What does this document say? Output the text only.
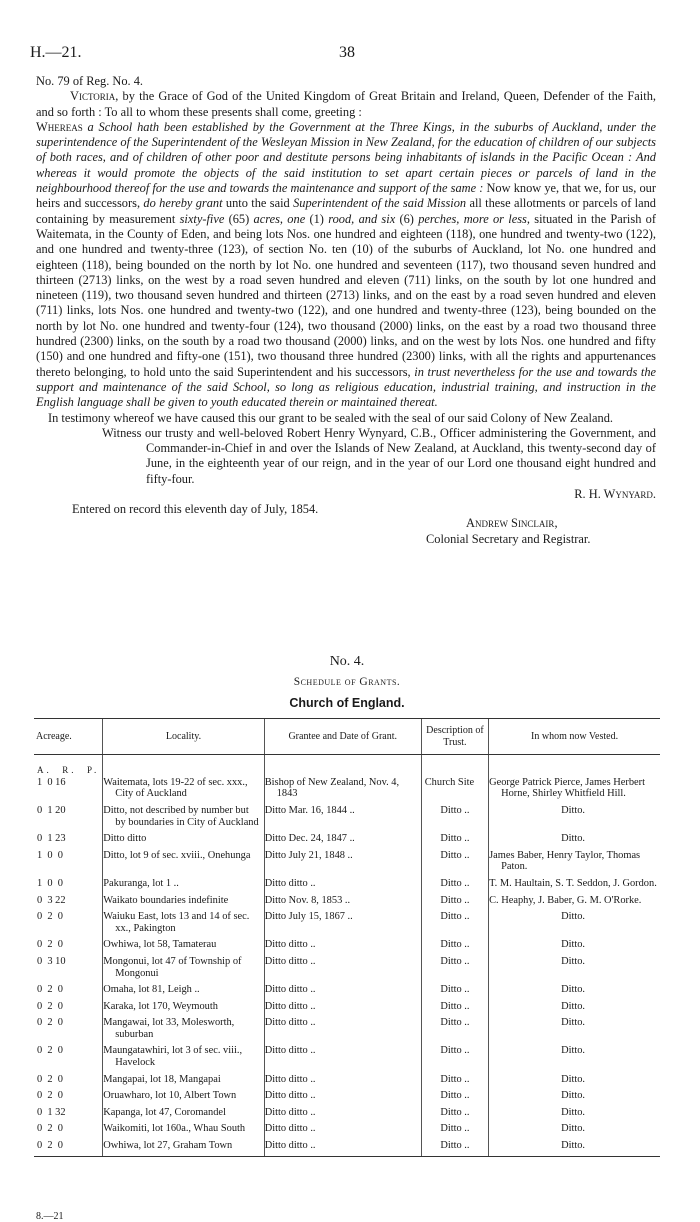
H.—21.	38

No. 79 of Reg. No. 4.

Victoria, by the Grace of God of the United Kingdom of Great Britain and Ireland, Queen, Defender of the Faith, and so forth : To all to whom these presents shall come, greeting :

Whereas a School hath been established by the Government at the Three Kings, in the suburbs of Auckland, under the superintendence of the Superintendent of the Wesleyan Mission in New Zealand, for the education of children of our subjects of both races, and of children of other poor and destitute persons being inhabitants of islands in the Pacific Ocean : And whereas it would promote the objects of the said institution to set apart certain pieces or parcels of land in the neighbourhood thereof for the use and towards the maintenance and support of the same : Now know ye, that we, for us, our heirs and successors, do hereby grant unto the said Superintendent of the said Mission all these allotments or parcels of land containing by measurement sixty-five (65) acres, one (1) rood, and six (6) perches, more or less, situated in the Parish of Waitemata, in the County of Eden, and being lots Nos. one hundred and eighteen (118), one hundred and twenty-two (122), and one hundred and twenty-three (123), of section No. ten (10) of the suburbs of Auckland, lot No. one hundred and eighteen (118), being bounded on the north by lot No. one hundred and seventeen (117), two thousand seven hundred and thirteen (2713) links, on the west by a road seven hundred and eleven (711) links, on the south by lot one hundred and nineteen (119), two thousand seven hundred and thirteen (2713) links, and on the east by a road seven hundred and eleven (711) links, lots Nos. one hundred and twenty-two (122), and one hundred and twenty-three (123), being bounded on the north by lot No. one hundred and twenty-four (124), two thousand (2000) links, on the east by a road two thousand three hundred (2300) links, on the south by a road two thousand (2000) links, and on the west by lots Nos. one hundred and fifty (150) and one hundred and fifty-one (151), two thousand three hundred (2300) links, with all the rights and appurtenances thereto belonging, to hold unto the said Superintendent and his successors, in trust nevertheless for the use and towards the support and maintenance of the said School, so long as religious education, industrial training, and instruction in the English language shall be given to youth educated therein or maintained thereat.

In testimony whereof we have caused this our grant to be sealed with the seal of our said Colony of New Zealand.

Witness our trusty and well-beloved Robert Henry Wynyard, C.B., Officer administering the Government, and Commander-in-Chief in and over the Islands of New Zealand, at Auckland, this twenty-second day of June, in the eighteenth year of our reign, and in the year of our Lord one thousand eight hundred and fifty-four.

R. H. Wynyard.

Entered on record this eleventh day of July, 1854.
Andrew Sinclair,
Colonial Secretary and Registrar.

No. 4.

Schedule of Grants.

Church of England.

Acreage.	Locality.	Grantee and Date of Grant.	Description of Trust.	In whom now Vested.
A.  R.  P.				
1  0 16	Waitemata, lots 19-22 of sec. xxx., City of Auckland	Bishop of New Zealand, Nov. 4, 1843	Church Site	George Patrick Pierce, James Herbert Horne, Shirley Whitfield Hill.
0  1 20	Ditto, not described by number but by boundaries in City of Auckland	Ditto Mar. 16, 1844 ..	Ditto ..	Ditto.
0  1 23	Ditto ditto	Ditto Dec. 24, 1847 ..	Ditto ..	Ditto.
1  0  0	Ditto, lot 9 of sec. xviii., Onehunga	Ditto July 21, 1848 ..	Ditto ..	James Baber, Henry Taylor, Thomas Paton.
1  0  0	Pakuranga, lot 1 ..	Ditto ditto ..	Ditto ..	T. M. Haultain, S. T. Seddon, J. Gordon.
0  3 22	Waikato boundaries indefinite	Ditto Nov. 8, 1853 ..	Ditto ..	C. Heaphy, J. Baber, G. M. O'Rorke.
0  2  0	Waiuku East, lots 13 and 14 of sec. xx., Pakington	Ditto July 15, 1867 ..	Ditto ..	Ditto.
0  2  0	Owhiwa, lot 58, Tamaterau	Ditto ditto ..	Ditto ..	Ditto.
0  3 10	Mongonui, lot 47 of Township of Mongonui	Ditto ditto ..	Ditto ..	Ditto.
0  2  0	Omaha, lot 81, Leigh ..	Ditto ditto ..	Ditto ..	Ditto.
0  2  0	Karaka, lot 170, Weymouth	Ditto ditto ..	Ditto ..	Ditto.
0  2  0	Mangawai, lot 33, Molesworth, suburban	Ditto ditto ..	Ditto ..	Ditto.
0  2  0	Maungatawhiri, lot 3 of sec. viii., Havelock	Ditto ditto ..	Ditto ..	Ditto.
0  2  0	Mangapai, lot 18, Mangapai	Ditto ditto ..	Ditto ..	Ditto.
0  2  0	Oruawharo, lot 10, Albert Town	Ditto ditto ..	Ditto ..	Ditto.
0  1 32	Kapanga, lot 47, Coromandel	Ditto ditto ..	Ditto ..	Ditto.
0  2  0	Waikomiti, lot 160a., Whau South	Ditto ditto ..	Ditto ..	Ditto.
0  2  0	Owhiwa, lot 27, Graham Town	Ditto ditto ..	Ditto ..	Ditto.
8.—21
